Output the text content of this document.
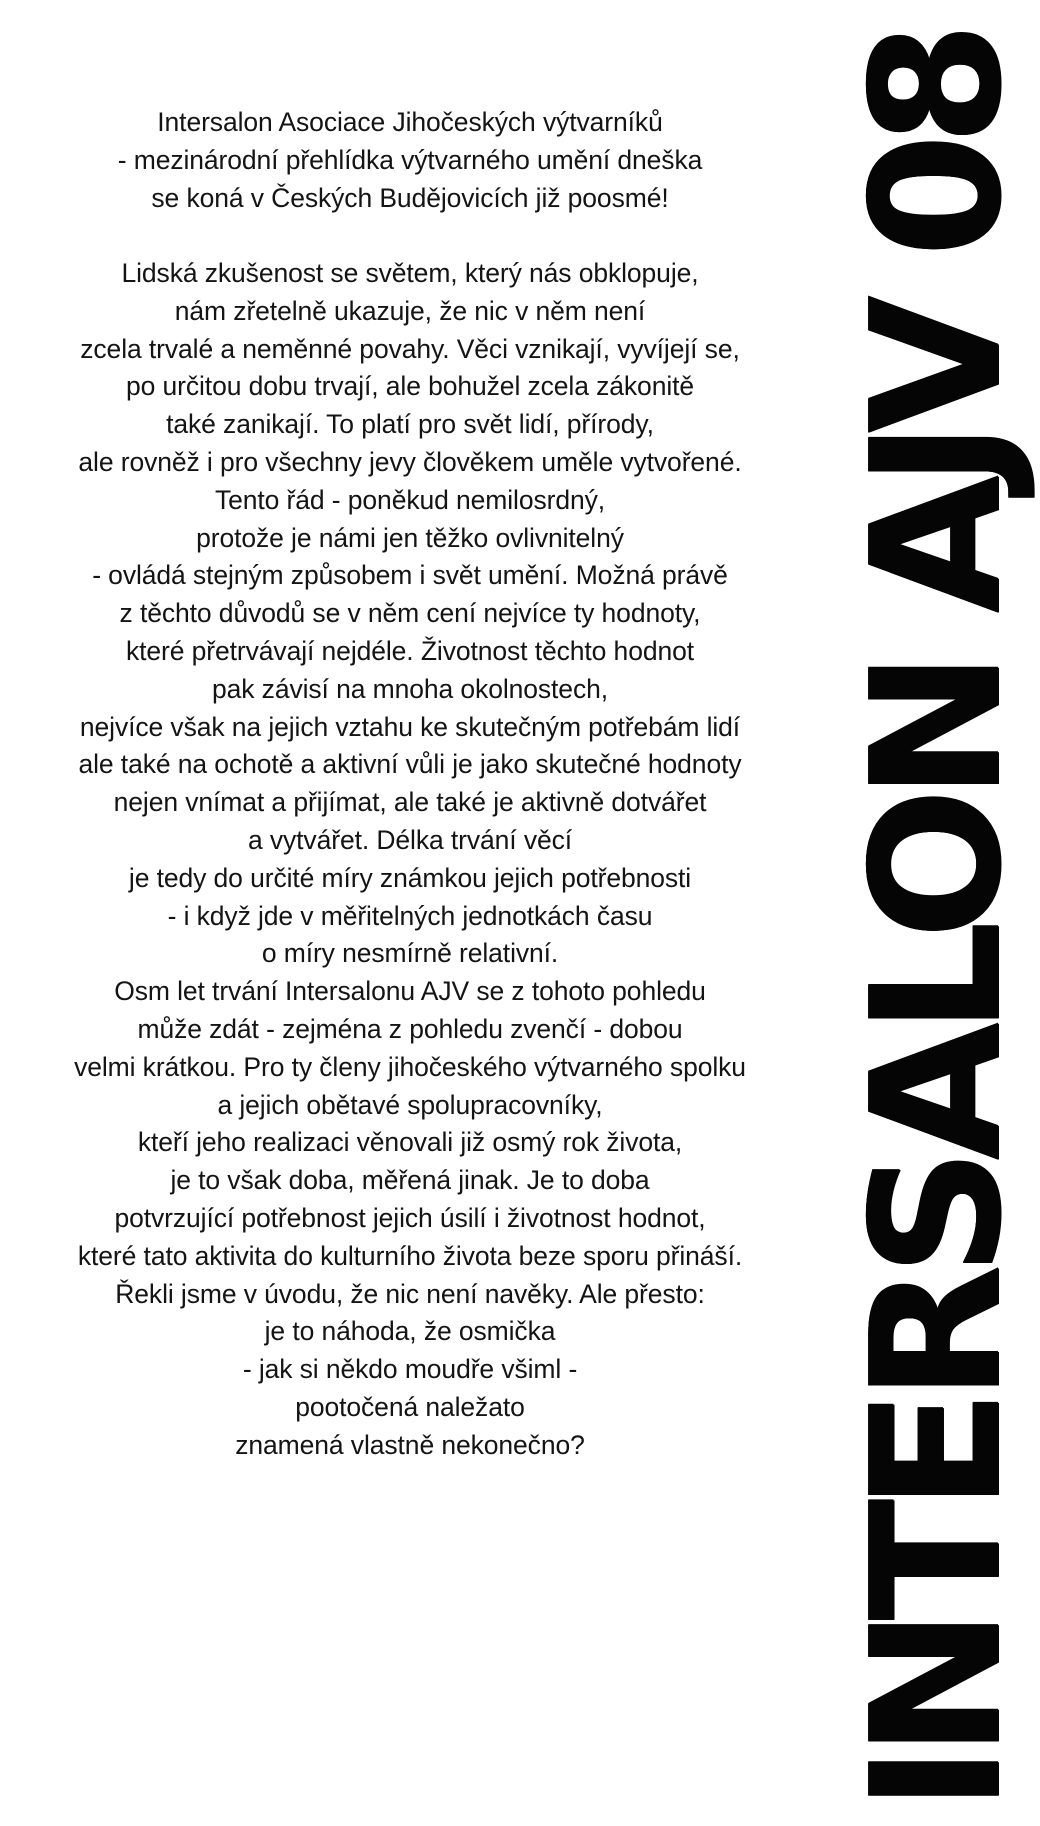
Intersalon Asociace Jihočeských výtvarníků
- mezinárodní přehlídka výtvarného umění dneška
se koná v Českých Budějovicích již poosmé!
Lidská zkušenost se světem, který nás obklopuje,
nám zřetelně ukazuje, že nic v něm není
zcela trvalé a neměnné povahy. Věci vznikají, vyvíjejí se,
po určitou dobu trvají, ale bohužel zcela zákonitě
také zanikají. To platí pro svět lidí, přírody,
ale rovněž i pro všechny jevy člověkem uměle vytvořené.
Tento řád - poněkud nemilosrdný,
protože je námi jen těžko ovlivnitelný
- ovládá stejným způsobem i svět umění. Možná právě
z těchto důvodů se v něm cení nejvíce ty hodnoty,
které přetrvávají nejdéle. Životnost těchto hodnot
pak závisí na mnoha okolnostech,
nejvíce však na jejich vztahu ke skutečným potřebám lidí
ale také na ochotě a aktivní vůli je jako skutečné hodnoty
nejen vnímat a přijímat, ale také je aktivně dotvářet
a vytvářet. Délka trvání věcí
je tedy do určité míry známkou jejich potřebnosti
- i když jde v měřitelných jednotkách času
o míry nesmírně relativní.
Osm let trvání Intersalonu AJV se z tohoto pohledu
může zdát - zejména z pohledu zvenčí - dobou
velmi krátkou. Pro ty členy jihočeského výtvarného spolku
a jejich obětavé spolupracovníky,
kteří jeho realizaci věnovali již osmý rok života,
je to však doba, měřená jinak. Je to doba
potvrzující potřebnost jejich úsilí i životnost hodnot,
které tato aktivita do kulturního života beze sporu přináší.
Řekli jsme v úvodu, že nic není navěky. Ale přesto:
je to náhoda, že osmička
- jak si někdo moudře všiml -
pootočená naležato
znamená vlastně nekonečno?	INTERSALON AJV 08
